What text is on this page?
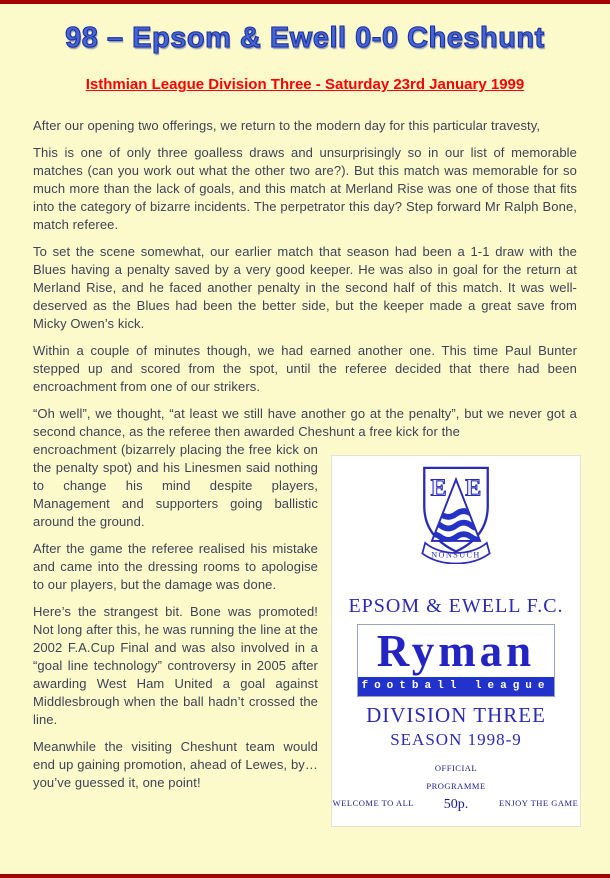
98 – Epsom & Ewell 0-0 Cheshunt
Isthmian League Division Three - Saturday 23rd January 1999

After our opening two offerings, we return to the modern day for this particular travesty,

This is one of only three goalless draws and unsurprisingly so in our list of memorable matches (can you work out what the other two are?). But this match was memorable for so much more than the lack of goals, and this match at Merland Rise was one of those that fits into the category of bizarre incidents. The perpetrator this day? Step forward Mr Ralph Bone, match referee.

To set the scene somewhat, our earlier match that season had been a 1-1 draw with the Blues having a penalty saved by a very good keeper. He was also in goal for the return at Merland Rise, and he faced another penalty in the second half of this match. It was well-deserved as the Blues had been the better side, but the keeper made a great save from Micky Owen’s kick.

Within a couple of minutes though, we had earned another one. This time Paul Bunter stepped up and scored from the spot, until the referee decided that there had been encroachment from one of our strikers.

“Oh well”, we thought, “at least we still have another go at the penalty”, but we never got a second chance, as the referee then awarded Cheshunt a free kick for the

E E
NONSUCH
EPSOM & EWELL F.C.
Ryman
football league
DIVISION THREE
SEASON 1998-9
WELCOME TO ALL
OFFICIAL PROGRAMME
50p.	ENJOY THE GAME

encroachment (bizarrely placing the free kick on the penalty spot) and his Linesmen said nothing to change his mind despite players, Management and supporters going ballistic around the ground.

After the game the referee realised his mistake and came into the dressing rooms to apologise to our players, but the damage was done.

Here’s the strangest bit. Bone was promoted! Not long after this, he was running the line at the 2002 F.A.Cup Final and was also involved in a “goal line technology” controversy in 2005 after awarding West Ham United a goal against Middlesbrough when the ball hadn’t crossed the line.

Meanwhile the visiting Cheshunt team would end up gaining promotion, ahead of Lewes, by… you’ve guessed it, one point!
